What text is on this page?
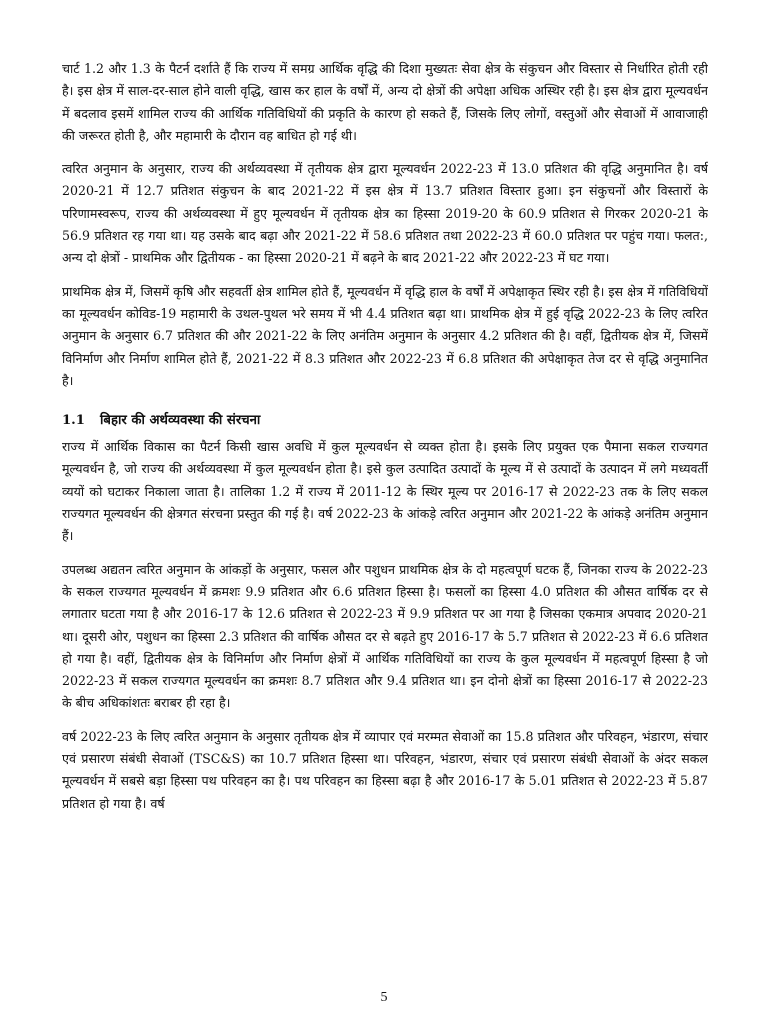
चार्ट 1.2 और 1.3 के पैटर्न दर्शाते हैं कि राज्य में समग्र आर्थिक वृद्धि की दिशा मुख्यतः सेवा क्षेत्र के संकुचन और विस्तार से निर्धारित होती रही है। इस क्षेत्र में साल-दर-साल होने वाली वृद्धि, खास कर हाल के वर्षों में, अन्य दो क्षेत्रों की अपेक्षा अधिक अस्थिर रही है। इस क्षेत्र द्वारा मूल्यवर्धन में बदलाव इसमें शामिल राज्य की आर्थिक गतिविधियों की प्रकृति के कारण हो सकते हैं, जिसके लिए लोगों, वस्तुओं और सेवाओं में आवाजाही की जरूरत होती है, और महामारी के दौरान वह बाधित हो गई थी।

त्वरित अनुमान के अनुसार, राज्य की अर्थव्यवस्था में तृतीयक क्षेत्र द्वारा मूल्यवर्धन 2022-23 में 13.0 प्रतिशत की वृद्धि अनुमानित है। वर्ष 2020-21 में 12.7 प्रतिशत संकुचन के बाद 2021-22 में इस क्षेत्र में 13.7 प्रतिशत विस्तार हुआ। इन संकुचनों और विस्तारों के परिणामस्वरूप, राज्य की अर्थव्यवस्था में हुए मूल्यवर्धन में तृतीयक क्षेत्र का हिस्सा 2019-20 के 60.9 प्रतिशत से गिरकर 2020-21 के 56.9 प्रतिशत रह गया था। यह उसके बाद बढ़ा और 2021-22 में 58.6 प्रतिशत तथा 2022-23 में 60.0 प्रतिशत पर पहुंच गया। फलत:, अन्य दो क्षेत्रों - प्राथमिक और द्वितीयक - का हिस्सा 2020-21 में बढ़ने के बाद 2021-22 और 2022-23 में घट गया।

प्राथमिक क्षेत्र में, जिसमें कृषि और सहवर्ती क्षेत्र शामिल होते हैं, मूल्यवर्धन में वृद्धि हाल के वर्षों में अपेक्षाकृत स्थिर रही है। इस क्षेत्र में गतिविधियों का मूल्यवर्धन कोविड-19 महामारी के उथल-पुथल भरे समय में भी 4.4 प्रतिशत बढ़ा था। प्राथमिक क्षेत्र में हुई वृद्धि 2022-23 के लिए त्वरित अनुमान के अनुसार 6.7 प्रतिशत की और 2021-22 के लिए अनंतिम अनुमान के अनुसार 4.2 प्रतिशत की है। वहीं, द्वितीयक क्षेत्र में, जिसमें विनिर्माण और निर्माण शामिल होते हैं, 2021-22 में 8.3 प्रतिशत और 2022-23 में 6.8 प्रतिशत की अपेक्षाकृत तेज दर से वृद्धि अनुमानित है।

1.1	बिहार की अर्थव्यवस्था की संरचना

राज्य में आर्थिक विकास का पैटर्न किसी खास अवधि में कुल मूल्यवर्धन से व्यक्त होता है। इसके लिए प्रयुक्त एक पैमाना सकल राज्यगत मूल्यवर्धन है, जो राज्य की अर्थव्यवस्था में कुल मूल्यवर्धन होता है। इसे कुल उत्पादित उत्पादों के मूल्य में से उत्पादों के उत्पादन में लगे मध्यवर्ती व्ययों को घटाकर निकाला जाता है। तालिका 1.2 में राज्य में 2011-12 के स्थिर मूल्य पर 2016-17 से 2022-23 तक के लिए सकल राज्यगत मूल्यवर्धन की क्षेत्रगत संरचना प्रस्तुत की गई है। वर्ष 2022-23 के आंकड़े त्वरित अनुमान और 2021-22 के आंकड़े अनंतिम अनुमान हैं।

उपलब्ध अद्यतन त्वरित अनुमान के आंकड़ों के अनुसार, फसल और पशुधन प्राथमिक क्षेत्र के दो महत्वपूर्ण घटक हैं, जिनका राज्य के 2022-23 के सकल राज्यगत मूल्यवर्धन में क्रमशः 9.9 प्रतिशत और 6.6 प्रतिशत हिस्सा है। फसलों का हिस्सा 4.0 प्रतिशत की औसत वार्षिक दर से लगातार घटता गया है और 2016-17 के 12.6 प्रतिशत से 2022-23 में 9.9 प्रतिशत पर आ गया है जिसका एकमात्र अपवाद 2020-21 था। दूसरी ओर, पशुधन का हिस्सा 2.3 प्रतिशत की वार्षिक औसत दर से बढ़ते हुए 2016-17 के 5.7 प्रतिशत से 2022-23 में 6.6 प्रतिशत हो गया है। वहीं, द्वितीयक क्षेत्र के विनिर्माण और निर्माण क्षेत्रों में आर्थिक गतिविधियों का राज्य के कुल मूल्यवर्धन में महत्वपूर्ण हिस्सा है जो 2022-23 में सकल राज्यगत मूल्यवर्धन का क्रमशः 8.7 प्रतिशत और 9.4 प्रतिशत था। इन दोनो क्षेत्रों का हिस्सा 2016-17 से 2022-23 के बीच अधिकांशतः बराबर ही रहा है।

वर्ष 2022-23 के लिए त्वरित अनुमान के अनुसार तृतीयक क्षेत्र में व्यापार एवं मरम्मत सेवाओं का 15.8 प्रतिशत और परिवहन, भंडारण, संचार एवं प्रसारण संबंधी सेवाओं (TSC&S) का 10.7 प्रतिशत हिस्सा था। परिवहन, भंडारण, संचार एवं प्रसारण संबंधी सेवाओं के अंदर सकल मूल्यवर्धन में सबसे बड़ा हिस्सा पथ परिवहन का है। पथ परिवहन का हिस्सा बढ़ा है और 2016-17 के 5.01 प्रतिशत से 2022-23 में 5.87 प्रतिशत हो गया है। वर्ष

5
